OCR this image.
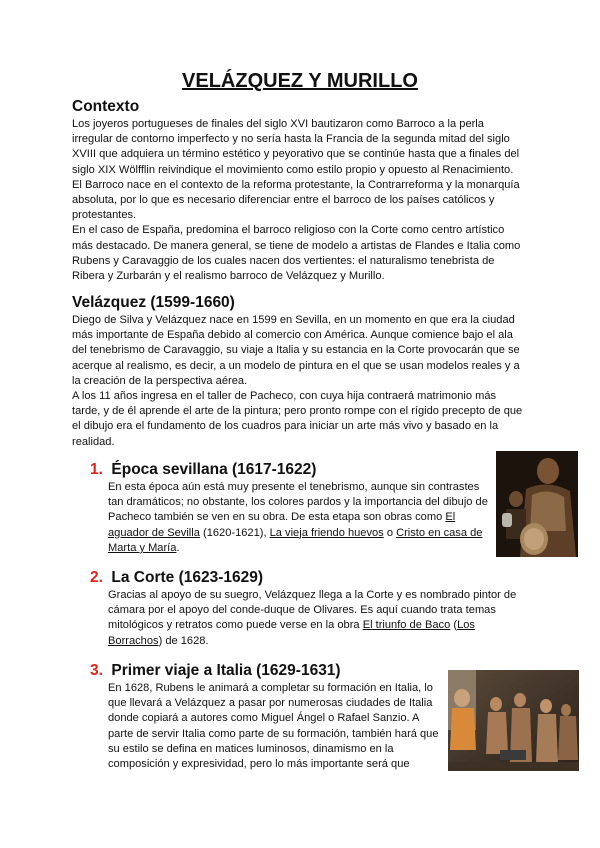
VELÁZQUEZ Y MURILLO
Contexto

Los joyeros portugueses de finales del siglo XVI bautizaron como Barroco a la perla

irregular de contorno imperfecto y no sería hasta la Francia de la segunda mitad del siglo

XVIII que adquiera un término estético y peyorativo que se continúe hasta que a finales del

siglo XIX Wölfflin reivindique el movimiento como estilo propio y opuesto al Renacimiento.

El Barroco nace en el contexto de la reforma protestante, la Contrarreforma y la monarquía

absoluta, por lo que es necesario diferenciar entre el barroco de los países católicos y

protestantes.

En el caso de España, predomina el barroco religioso con la Corte como centro artístico

más destacado. De manera general, se tiene de modelo a artistas de Flandes e Italia como

Rubens y Caravaggio de los cuales nacen dos vertientes: el naturalismo tenebrista de

Ribera y Zurbarán y el realismo barroco de Velázquez y Murillo.

Velázquez (1599-1660)

Diego de Silva y Velázquez nace en 1599 en Sevilla, en un momento en que era la ciudad

más importante de España debido al comercio con América. Aunque comience bajo el ala

del tenebrismo de Caravaggio, su viaje a Italia y su estancia en la Corte provocarán que se

acerque al realismo, es decir, a un modelo de pintura en el que se usan modelos reales y a

la creación de la perspectiva aérea.

A los 11 años ingresa en el taller de Pacheco, con cuya hija contraerá matrimonio más

tarde, y de él aprende el arte de la pintura; pero pronto rompe con el rígido precepto de que

el dibujo era el fundamento de los cuadros para iniciar un arte más vivo y basado en la

realidad.

1. Época sevillana (1617-1622)

En esta época aún está muy presente el tenebrismo, aunque sin contrastes

tan dramáticos; no obstante, los colores pardos y la importancia del dibujo de

Pacheco también se ven en su obra. De esta etapa son obras como El

aguador de Sevilla (1620-1621), La vieja friendo huevos o Cristo en casa de

Marta y María.

2. La Corte (1623-1629)

Gracias al apoyo de su suegro, Velázquez llega a la Corte y es nombrado pintor de

cámara por el apoyo del conde-duque de Olivares. Es aquí cuando trata temas

mitológicos y retratos como puede verse en la obra El triunfo de Baco (Los

Borrachos) de 1628.

3. Primer viaje a Italia (1629-1631)

En 1628, Rubens le animará a completar su formación en Italia, lo

que llevará a Velázquez a pasar por numerosas ciudades de Italia

donde copiará a autores como Miguel Ángel o Rafael Sanzio. A

parte de servir Italia como parte de su formación, también hará que

su estilo se defina en matices luminosos, dinamismo en la

composición y expresividad, pero lo más importante será que
